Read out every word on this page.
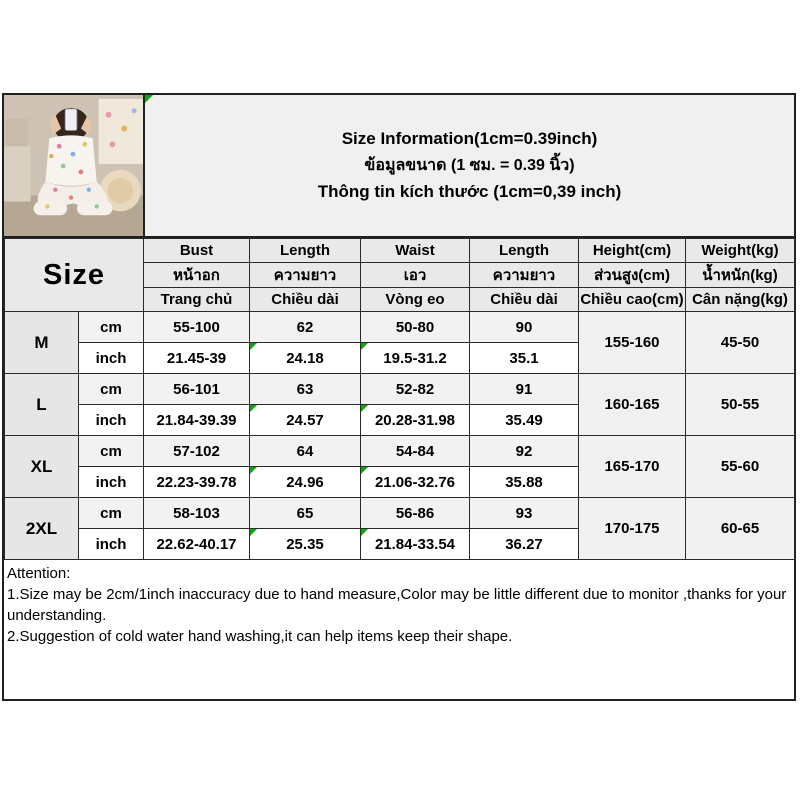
Size Information(1cm=0.39inch)
ข้อมูลขนาด (1 ซม. = 0.39 นิ้ว)
Thông tin kích thước (1cm=0,39 inch)
Size		Bust	Length	Waist	Length	Height(cm)	Weight(kg)
		หน้าอก	ความยาว	เอว	ความยาว	ส่วนสูง(cm)	น้ำหนัก(kg)
		Trang chủ	Chiều dài	Vòng eo	Chiều dài	Chiều cao(cm)	Cân nặng(kg)
M	cm	55-100	62	50-80	90	155-160	45-50
	inch	21.45-39	24.18	19.5-31.2	35.1		
L	cm	56-101	63	52-82	91	160-165	50-55
	inch	21.84-39.39	24.57	20.28-31.98	35.49		
XL	cm	57-102	64	54-84	92	165-170	55-60
	inch	22.23-39.78	24.96	21.06-32.76	35.88		
2XL	cm	58-103	65	56-86	93	170-175	60-65
	inch	22.62-40.17	25.35	21.84-33.54	36.27		
Attention:
1.Size may be 2cm/1inch inaccuracy due to hand measure,Color may be little different due to monitor ,thanks for your understanding.
2.Suggestion of cold water hand washing,it can help items keep their shape.
